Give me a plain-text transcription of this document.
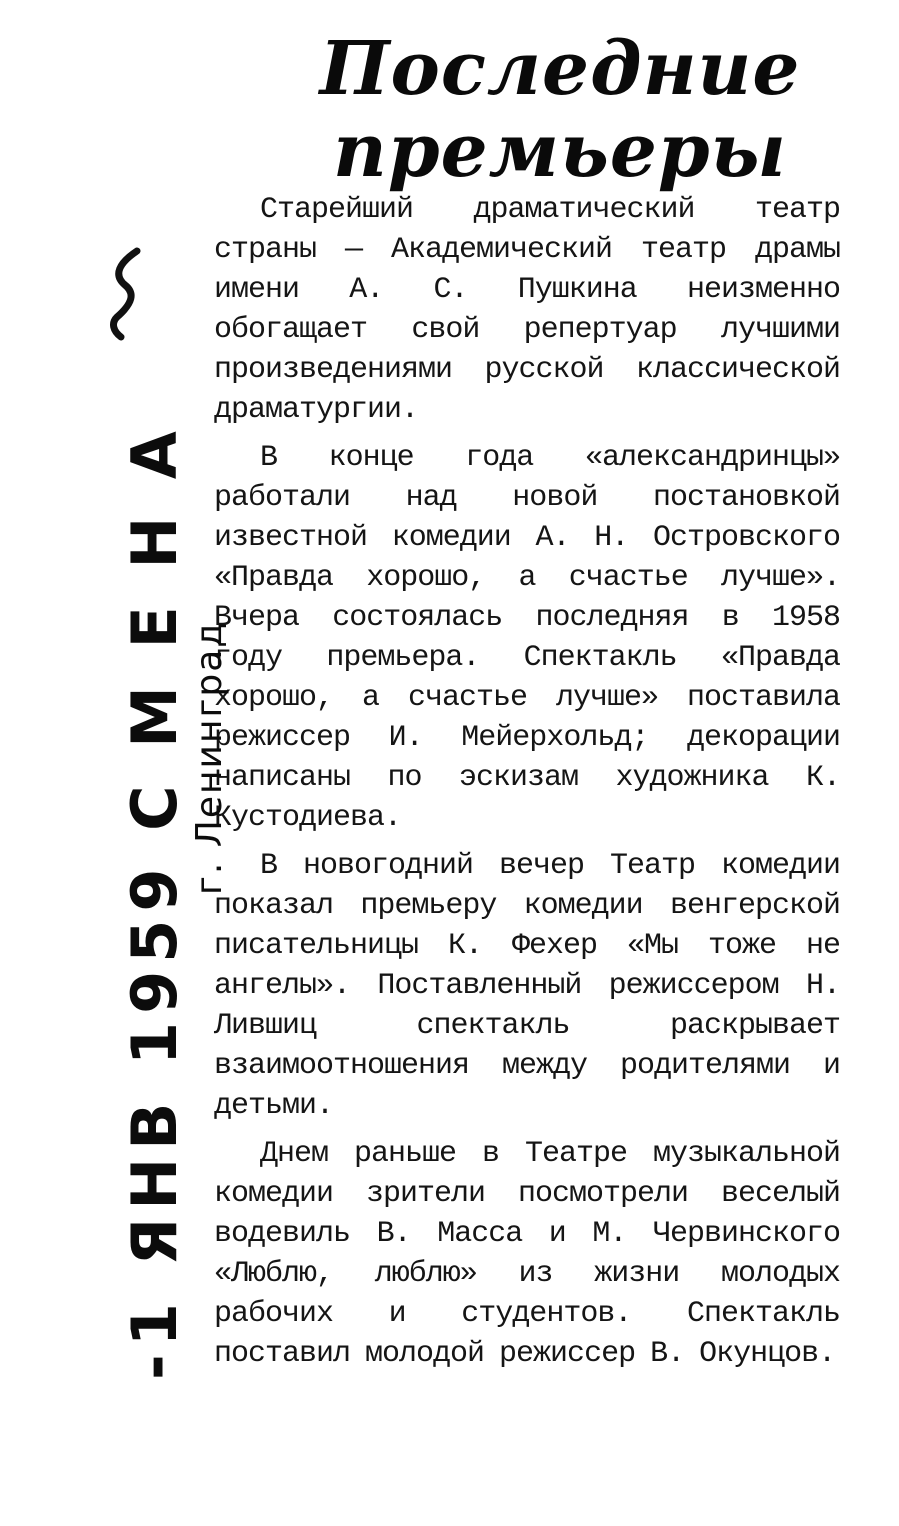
Последние
премьеры

Старейший драматический театр страны — Академический театр драмы имени А. С. Пушкина неизменно обогащает свой репертуар лучшими произведениями русской классической драматургии.

В конце года «александринцы» работали над новой постановкой известной комедии А. Н. Островского «Правда хорошо, а счастье лучше». Вчера состоялась последняя в 1958 году премьера. Спектакль «Правда хорошо, а счастье лучше» поставила режиссер И. Мейерхольд; декорации написаны по эскизам художника К. Кустодиева.

В новогодний вечер Театр комедии показал премьеру комедии венгерской писательницы К. Фехер «Мы тоже не ангелы». Поставленный режиссером Н. Лившиц спектакль раскрывает взаимоотношения между родителями и детьми.

Днем раньше в Театре музыкальной комедии зрители посмотрели веселый водевиль В. Масса и М. Червинского «Люблю, люблю» из жизни молодых рабочих и студентов. Спектакль поставил молодой режиссер В. Окунцов.

-1 ЯНВ 1959 С М Е Н А
г. Ленинград
